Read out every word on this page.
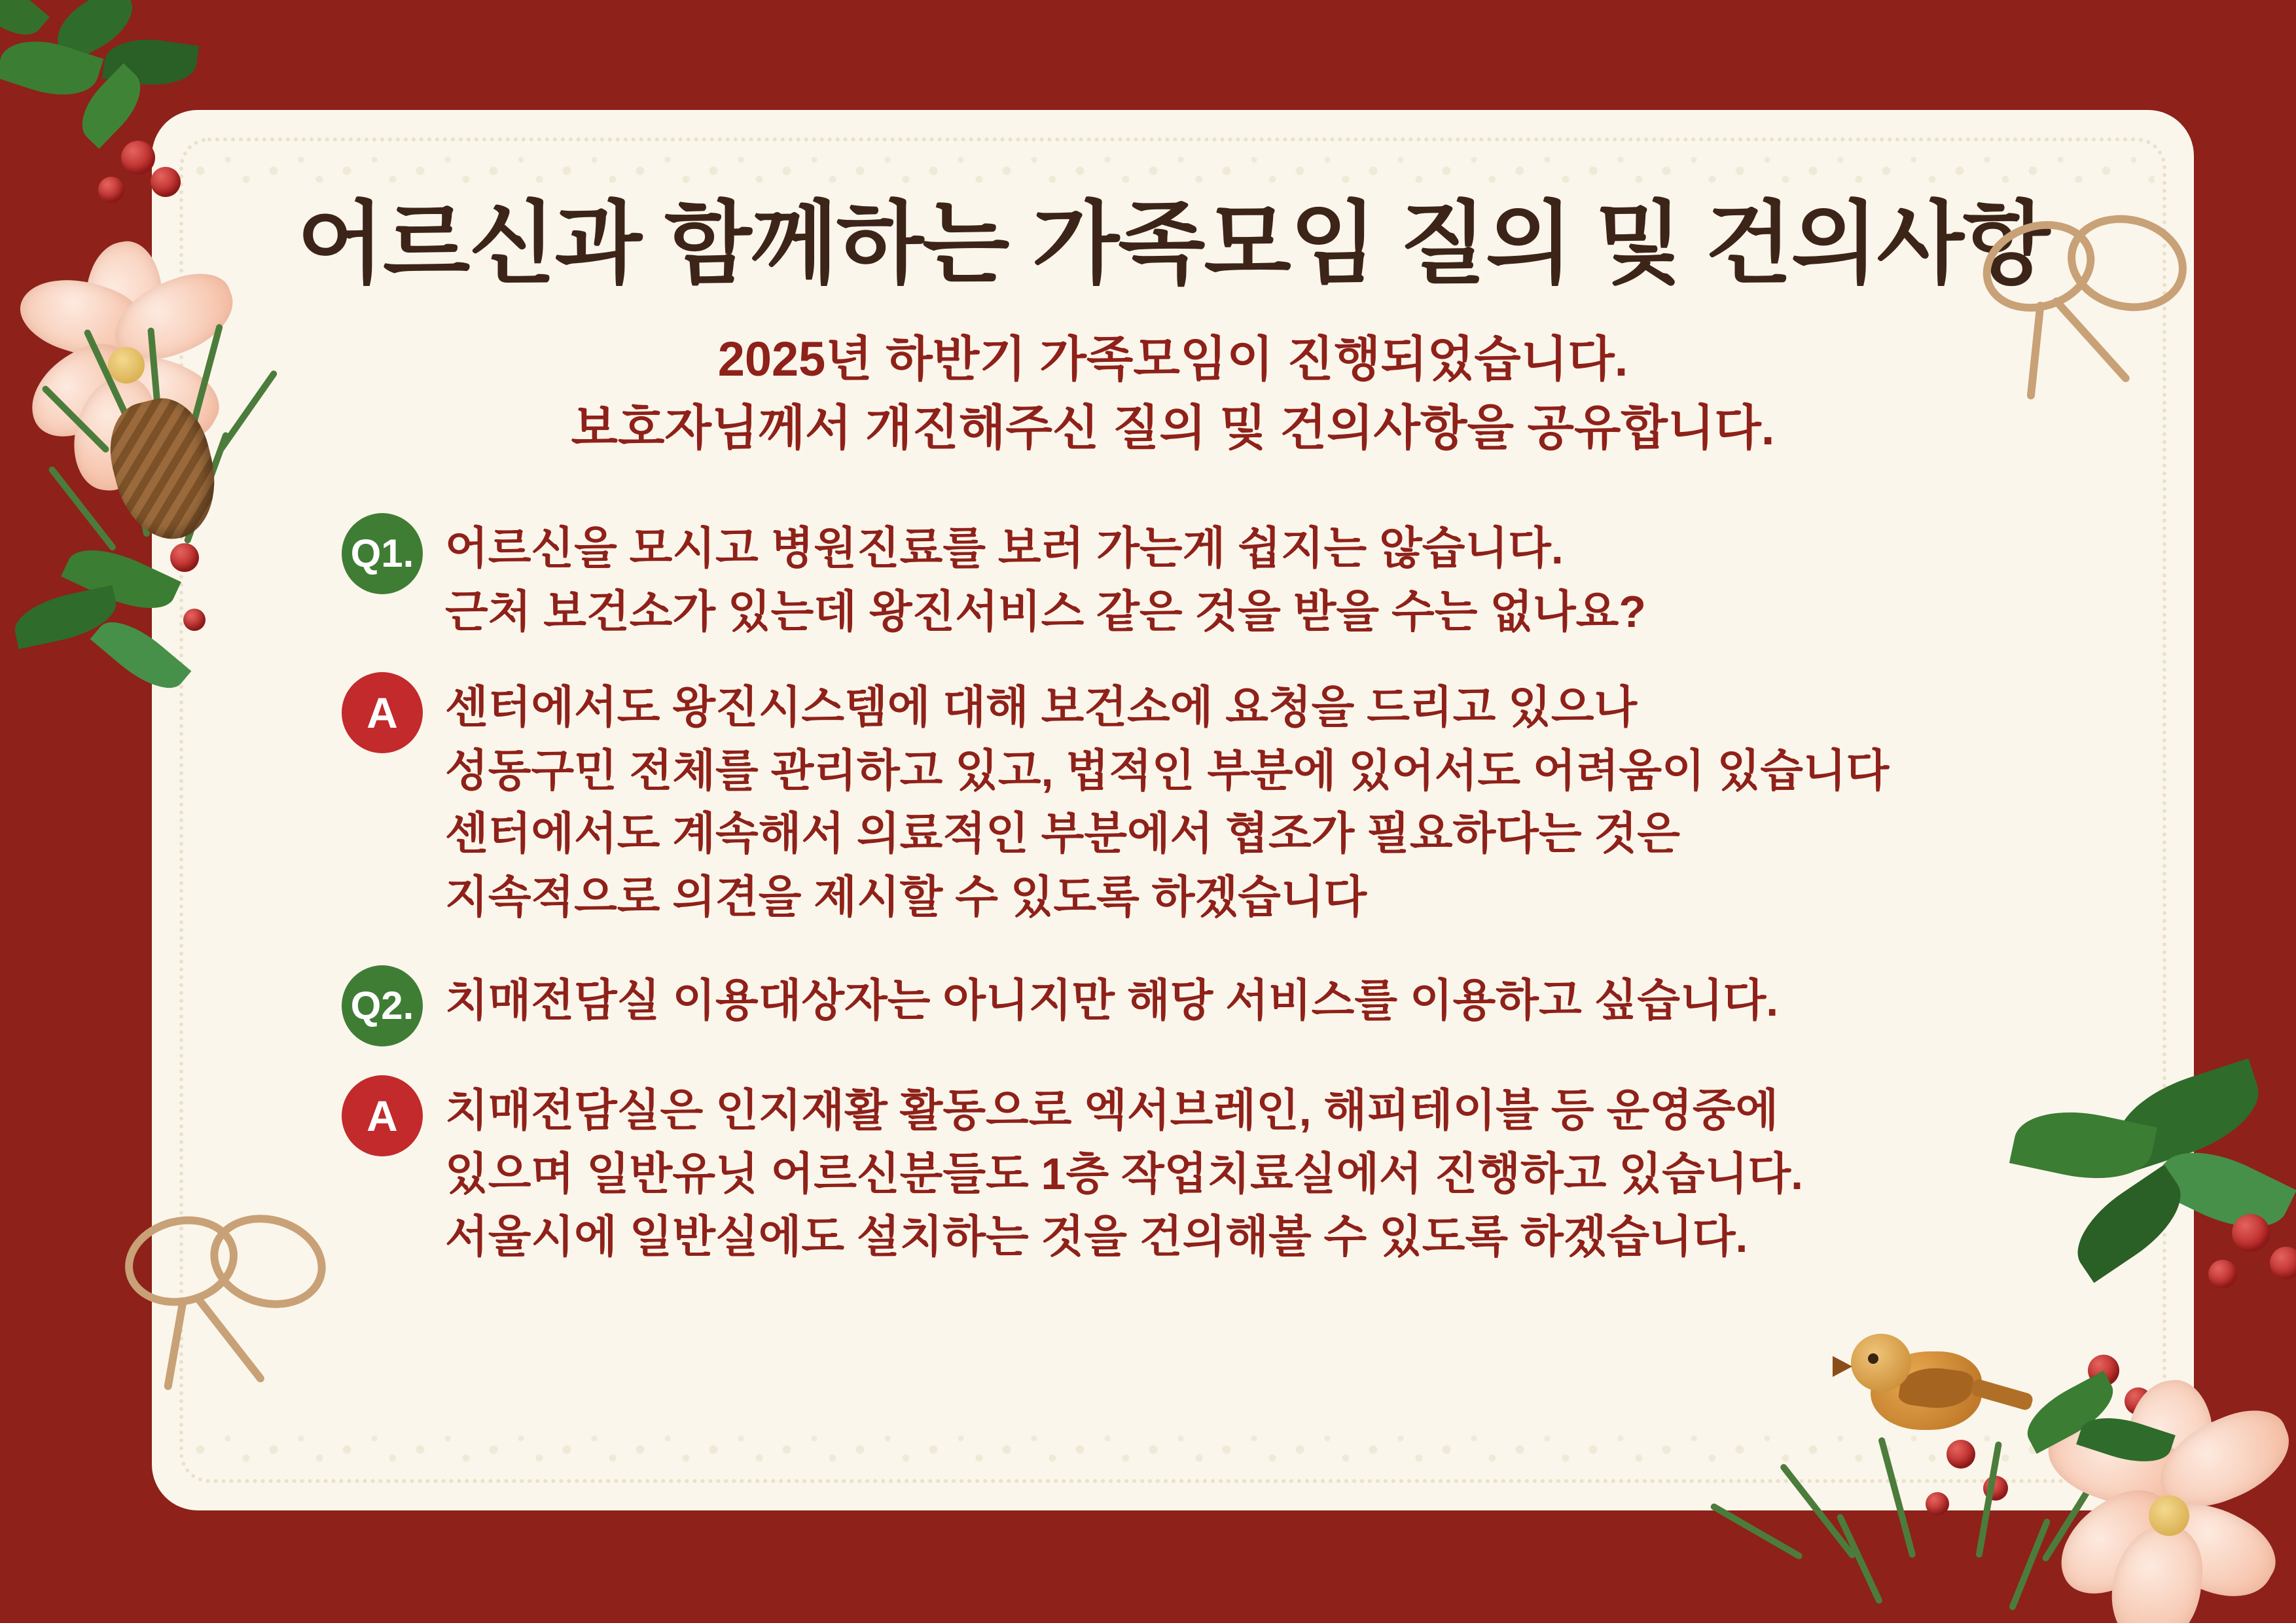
어르신과 함께하는 가족모임 질의 및 건의사항
2025년 하반기 가족모임이 진행되었습니다.
보호자님께서 개진해주신 질의 및 건의사항을 공유합니다.
Q1. 어르신을 모시고 병원진료를 보러 가는게 쉽지는 않습니다.
근처 보건소가 있는데 왕진서비스 같은 것을 받을 수는 없나요?
A	센터에서도 왕진시스템에 대해 보건소에 요청을 드리고 있으나
성동구민 전체를 관리하고 있고, 법적인 부분에 있어서도 어려움이 있습니다
센터에서도 계속해서 의료적인 부분에서 협조가 필요하다는 것은
지속적으로 의견을 제시할 수 있도록 하겠습니다
Q2. 치매전담실 이용대상자는 아니지만 해당 서비스를 이용하고 싶습니다.
A	치매전담실은 인지재활 활동으로 엑서브레인, 해피테이블 등 운영중에
있으며 일반유닛 어르신분들도 1층 작업치료실에서 진행하고 있습니다.
서울시에 일반실에도 설치하는 것을 건의해볼 수 있도록 하겠습니다.
